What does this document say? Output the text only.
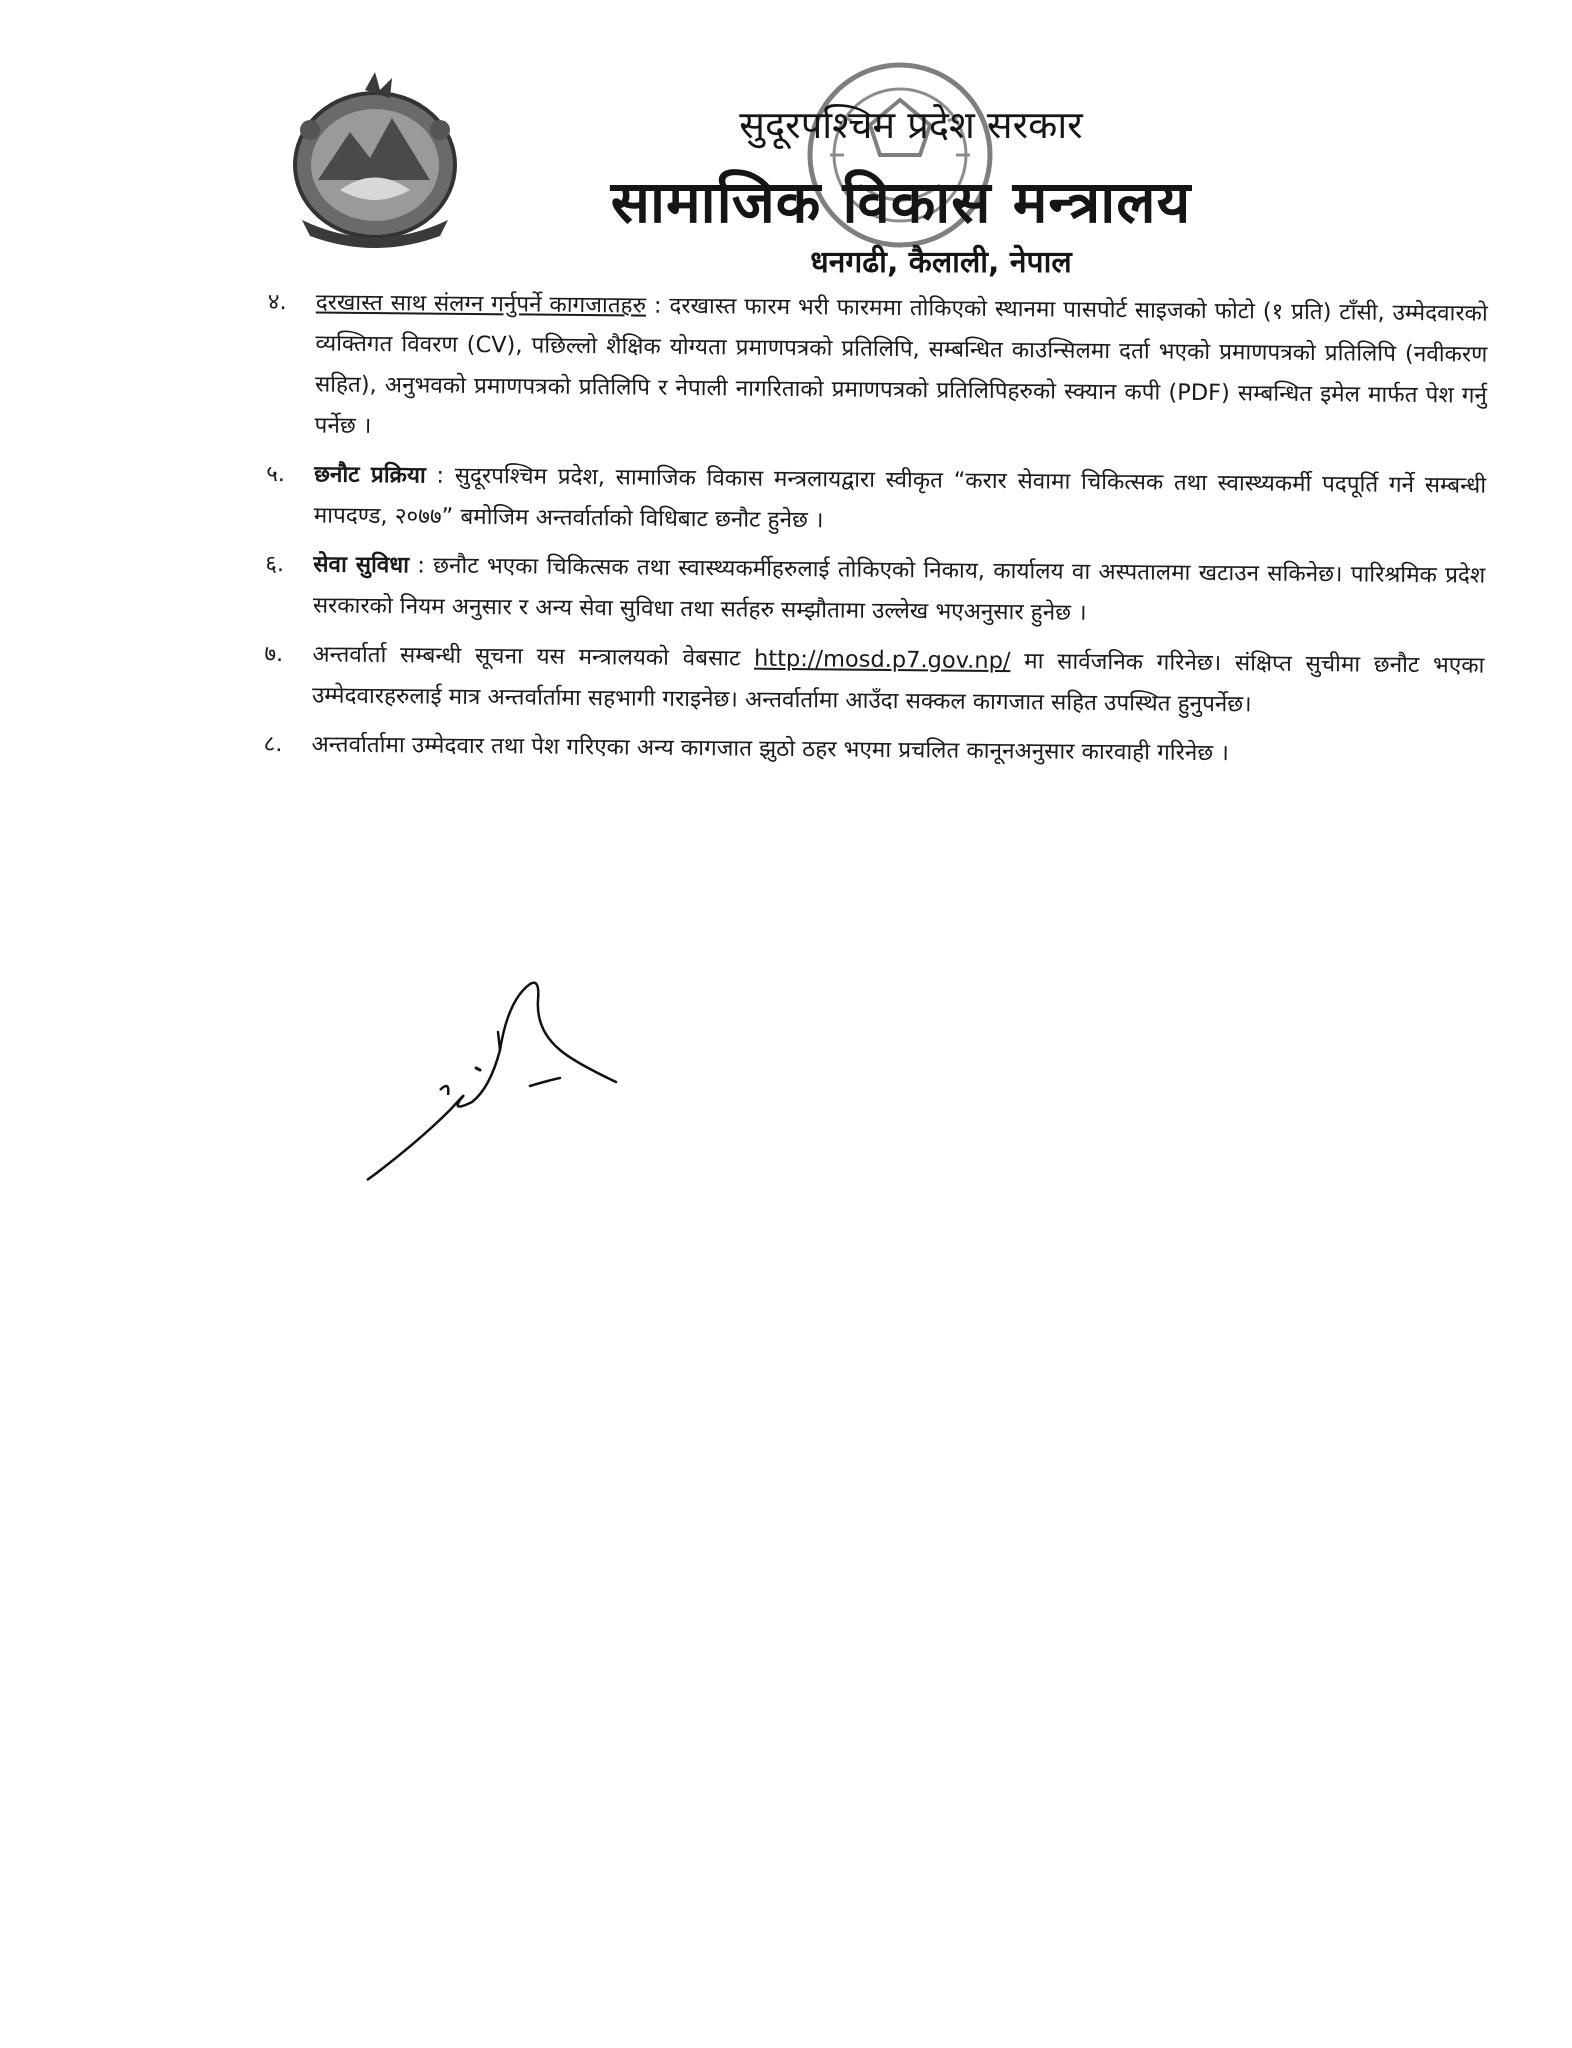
सुदूरपश्चिम प्रदेश सरकार
सामाजिक विकास मन्त्रालय
धनगढी, कैलाली, नेपाल
४. दरखास्त साथ संलग्न गर्नुपर्ने कागजातहरु : दरखास्त फारम भरी फारममा तोकिएको स्थानमा पासपोर्ट साइजको फोटो (१ प्रति) टाँसी, उम्मेदवारको व्यक्तिगत विवरण (CV), पछिल्लो शैक्षिक योग्यता प्रमाणपत्रको प्रतिलिपि, सम्बन्धित काउन्सिलमा दर्ता भएको प्रमाणपत्रको प्रतिलिपि (नवीकरण सहित), अनुभवको प्रमाणपत्रको प्रतिलिपि र नेपाली नागरिताको प्रमाणपत्रको प्रतिलिपिहरुको स्क्यान कपी (PDF) सम्बन्धित इमेल मार्फत पेश गर्नु पर्नेछ ।
५. छनौट प्रक्रिया : सुदूरपश्चिम प्रदेश, सामाजिक विकास मन्त्रलायद्वारा स्वीकृत “करार सेवामा चिकित्सक तथा स्वास्थ्यकर्मी पदपूर्ति गर्ने सम्बन्धी मापदण्ड, २०७७” बमोजिम अन्तर्वार्ताको विधिबाट छनौट हुनेछ ।
६. सेवा सुविधा : छनौट भएका चिकित्सक तथा स्वास्थ्यकर्मीहरुलाई तोकिएको निकाय, कार्यालय वा अस्पतालमा खटाउन सकिनेछ। पारिश्रमिक प्रदेश सरकारको नियम अनुसार र अन्य सेवा सुविधा तथा सर्तहरु सम्झौतामा उल्लेख भएअनुसार हुनेछ ।
७. अन्तर्वार्ता सम्बन्धी सूचना यस मन्त्रालयको वेबसाट http://mosd.p7.gov.np/ मा सार्वजनिक गरिनेछ। संक्षिप्त सुचीमा छनौट भएका उम्मेदवारहरुलाई मात्र अन्तर्वार्तामा सहभागी गराइनेछ। अन्तर्वार्तामा आउँदा सक्कल कागजात सहित उपस्थित हुनुपर्नेछ।
८. अन्तर्वार्तामा उम्मेदवार तथा पेश गरिएका अन्य कागजात झुठो ठहर भएमा प्रचलित कानूनअनुसार कारवाही गरिनेछ ।
